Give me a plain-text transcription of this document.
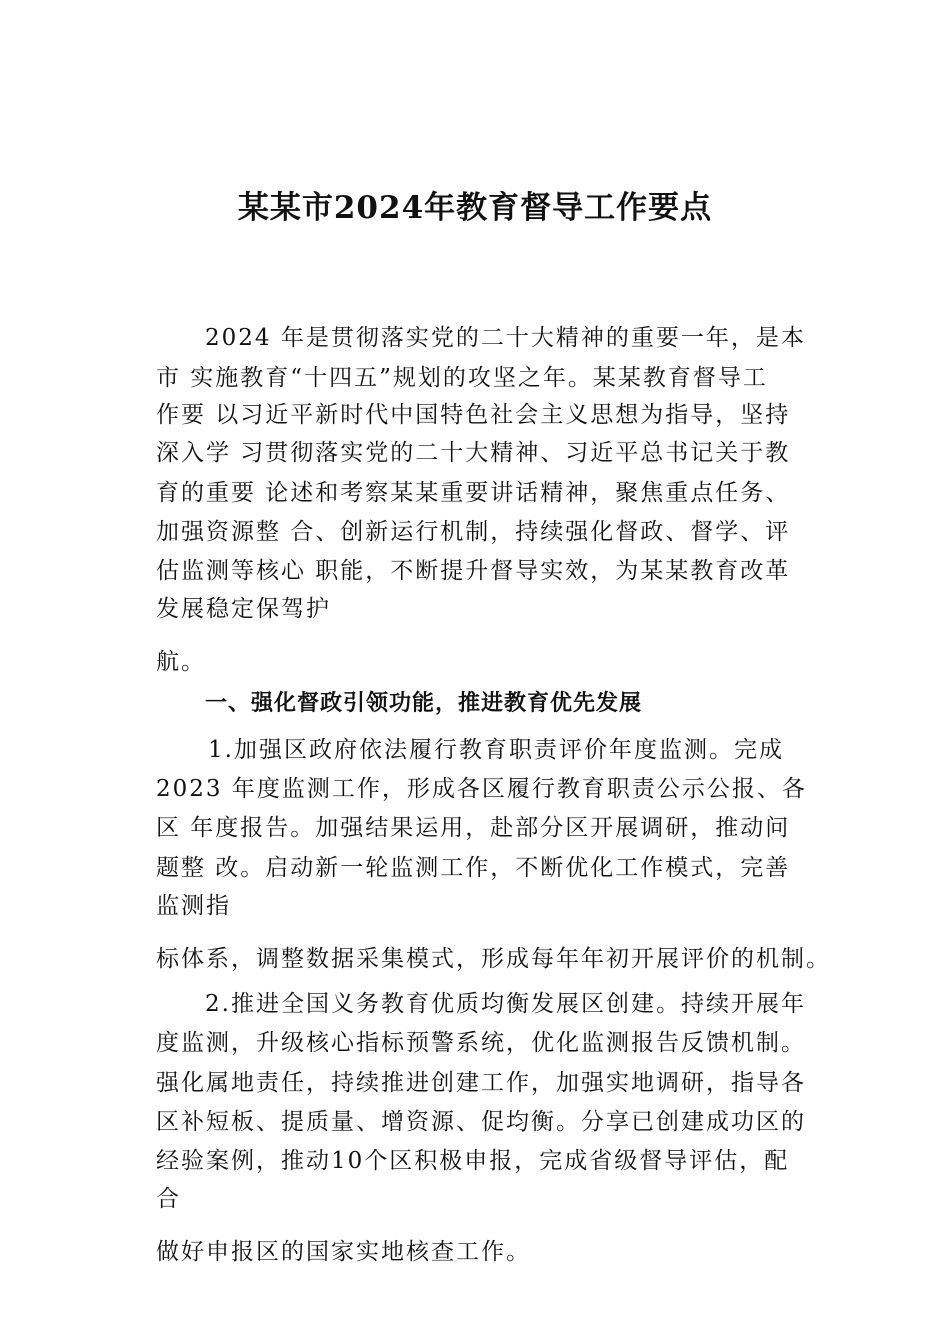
某某市2024年教育督导工作要点
2024 年是贯彻落实党的二十大精神的重要一年，是本
市 实施教育“十四五”规划的攻坚之年。某某教育督导工
作要 以习近平新时代中国特色社会主义思想为指导，坚持
深入学 习贯彻落实党的二十大精神、习近平总书记关于教
育的重要 论述和考察某某重要讲话精神，聚焦重点任务、
加强资源整 合、创新运行机制，持续强化督政、督学、评
估监测等核心 职能，不断提升督导实效，为某某教育改革
发展稳定保驾护
航。
一、强化督政引领功能，推进教育优先发展
1.加强区政府依法履行教育职责评价年度监测。完成
2023 年度监测工作，形成各区履行教育职责公示公报、各
区 年度报告。加强结果运用，赴部分区开展调研，推动问
题整 改。启动新一轮监测工作，不断优化工作模式，完善
监测指
标体系，调整数据采集模式，形成每年年初开展评价的机制。
2.推进全国义务教育优质均衡发展区创建。持续开展年
度监测，升级核心指标预警系统，优化监测报告反馈机制。
强化属地责任，持续推进创建工作，加强实地调研，指导各
区补短板、提质量、增资源、促均衡。分享已创建成功区的
经验案例，推动10个区积极申报，完成省级督导评估，配
合
做好申报区的国家实地核查工作。
